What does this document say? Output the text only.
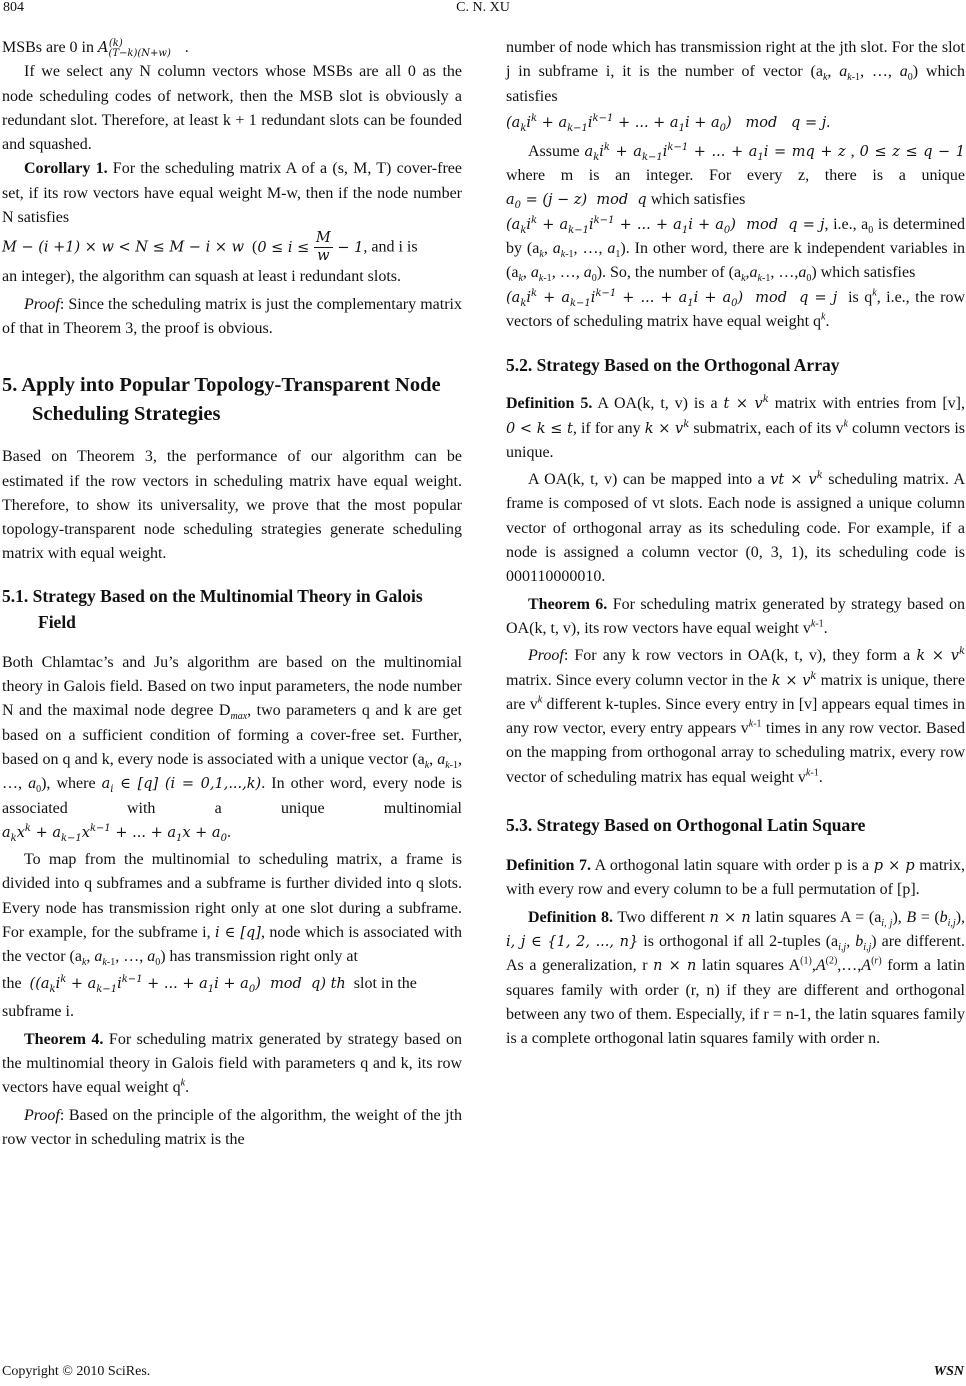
804	C. N. XU

MSBs are 0 in $A_{(T-k)(N+w)}^{(k)}$	.

If we select any N column vectors whose MSBs are all 0 as the node scheduling codes of network, then the MSB slot is obviously a redundant slot. Therefore, at least k + 1 redundant slots can be founded and squashed.

Corollary 1. For the scheduling matrix A of a (s, M, T) cover-free set, if its row vectors have equal weight M-w, then if the node number N satisfies

M − (i +1) × w < N ≤ M − i × w  ($0 \le i \le \frac{M}{w} - 1$, and i is

an integer), the algorithm can squash at least i redundant slots.

Proof: Since the scheduling matrix is just the complementary matrix of that in Theorem 3, the proof is obvious.

5. Apply into Popular Topology-Transparent Node Scheduling Strategies

Based on Theorem 3, the performance of our algorithm can be estimated if the row vectors in scheduling matrix have equal weight. Therefore, to show its universality, we prove that the most popular topology-transparent node scheduling strategies generate scheduling matrix with equal weight.

5.1. Strategy Based on the Multinomial Theory in Galois Field

Both Chlamtac’s and Ju’s algorithm are based on the multinomial theory in Galois field. Based on two input parameters, the node number N and the maximal node degree $D_{max}$, two parameters q and k are get based on a sufficient condition of forming a cover-free set. Further, based on q and k, every node is associated with a unique vector ($a_k$, $a_{k-1}$, …, $a_0$), where $a_i$ ∈ [q] (i = 0,1,...,k). In other word, every node is associated with a unique multinomial $a_kx^k + a_{k-1}x^{k-1}$ + ... + $a_1x + a_0$.

To map from the multinomial to scheduling matrix, a frame is divided into q subframes and a subframe is further divided into q slots. Every node has transmission right only at one slot during a subframe. For example, for the subframe i, i ∈ [q], node which is associated with the vector ($a_k$, $a_{k-1}$, …, $a_0$) has transmission right only at

the  (($a_ki^k + a_{k-1}i^{k-1}$ + ... + $a_1i + a_0$)  mod  q) th slot in the subframe i.

Theorem 4. For scheduling matrix generated by strategy based on the multinomial theory in Galois field with parameters q and k, its row vectors have equal weight $q^k$.

Proof: Based on the principle of the algorithm, the weight of the jth row vector in scheduling matrix is the

number of node which has transmission right at the jth slot. For the slot j in subframe i, it is the number of vector ($a_k$, $a_{k-1}$, …, $a_0$) which satisfies

($a_ki^k + a_{k-1}i^{k-1}$ + ... + $a_1i + a_0$)   mod   q = j.

Assume $a_ki^k + a_{k-1}i^{k-1}$ + ... + $a_1i$ = mq + z , 0 ≤ z ≤ q − 1 where m is an integer. For every z, there is a unique $a_0 = (j - z)$  mod  q which satisfies

($a_ki^k + a_{k-1}i^{k-1}$ + ... + $a_1i + a_0$)  mod  q = j, i.e., $a_0$ is determined by ($a_k$, $a_{k-1}$, …, $a_1$). In other word, there are k independent variables in ($a_k$, $a_{k-1}$, …, $a_0$). So, the number of ($a_k,a_{k-1}$, $\dots,a_0$) which satisfies

($a_ki^k + a_{k-1}i^{k-1}$ + ... + $a_1i + a_0$)  mod  q = j is $q^k$, i.e., the row vectors of scheduling matrix have equal weight $q^k$.

5.2. Strategy Based on the Orthogonal Array

Definition 5. A OA(k, t, v) is a $t \times v^k$ matrix with entries from [v], 0 < k ≤ t, if for any $k \times v^k$ submatrix, each of its $v^k$ column vectors is unique.

A OA(k, t, v) can be mapped into a vt × $v^k$ scheduling matrix. A frame is composed of vt slots. Each node is assigned a unique column vector of orthogonal array as its scheduling code. For example, if a node is assigned a column vector (0, 3, 1), its scheduling code is 000110000010.

Theorem 6. For scheduling matrix generated by strategy based on OA(k, t, v), its row vectors have equal weight $v^{k-1}$.

Proof: For any k row vectors in OA(k, t, v), they form a $k \times v^k$ matrix. Since every column vector in the $k \times v^k$ matrix is unique, there are $v^k$ different k-tuples. Since every entry in [v] appears equal times in any row vector, every entry appears $v^{k-1}$ times in any row vector. Based on the mapping from orthogonal array to scheduling matrix, every row vector of scheduling matrix has equal weight $v^{k-1}$.

5.3. Strategy Based on Orthogonal Latin Square

Definition 7. A orthogonal latin square with order p is a p × p matrix, with every row and every column to be a full permutation of [p].

Definition 8. Two different n × n latin squares $A = (a_{i, j})$, $B = (b_{i,j})$, i, j ∈ {1, 2, ..., n} is orthogonal if all 2-tuples ($a_{i,j}$, $b_{i,j}$) are different. As a generalization, r n × n latin squares $A^{(1)},A^{(2)},\dots,A^{(r)}$ form a latin squares family with order (r, n) if they are different and orthogonal between any two of them. Especially, if r = n-1, the latin squares family is a complete orthogonal latin squares family with order n.

Copyright © 2010 SciRes.	WSN
